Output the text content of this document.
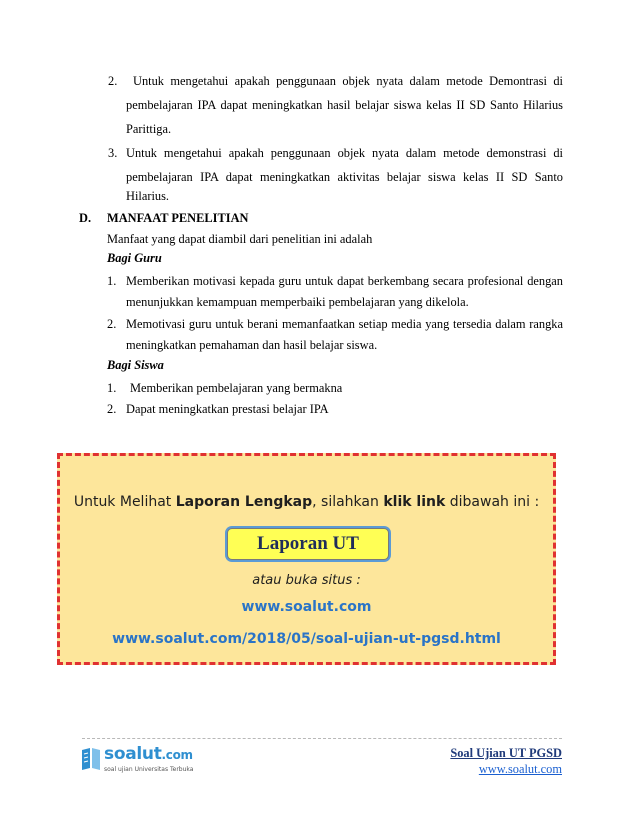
2. Untuk mengetahui apakah penggunaan objek nyata dalam metode Demontrasi di
pembelajaran IPA dapat meningkatkan hasil belajar siswa kelas II SD Santo Hilarius
Parittiga.
3. Untuk mengetahui apakah penggunaan objek nyata dalam metode demonstrasi di
pembelajaran IPA dapat meningkatkan aktivitas belajar siswa kelas II SD Santo
Hilarius.
D. MANFAAT PENELITIAN
Manfaat yang dapat diambil dari penelitian ini adalah
Bagi Guru
1. Memberikan motivasi kepada guru untuk dapat berkembang secara profesional dengan
menunjukkan kemampuan memperbaiki pembelajaran yang dikelola.
2. Memotivasi guru untuk berani memanfaatkan setiap media yang tersedia dalam rangka
meningkatkan pemahaman dan hasil belajar siswa.
Bagi Siswa
1. Memberikan pembelajaran yang bermakna
2. Dapat meningkatkan prestasi belajar IPA
Untuk Melihat Laporan Lengkap, silahkan klik link dibawah ini :
Laporan UT
atau buka situs :
www.soalut.com
www.soalut.com/2018/05/soal-ujian-ut-pgsd.html
soalut.com
soal ujian Universitas Terbuka
Soal Ujian UT PGSD
www.soalut.com
